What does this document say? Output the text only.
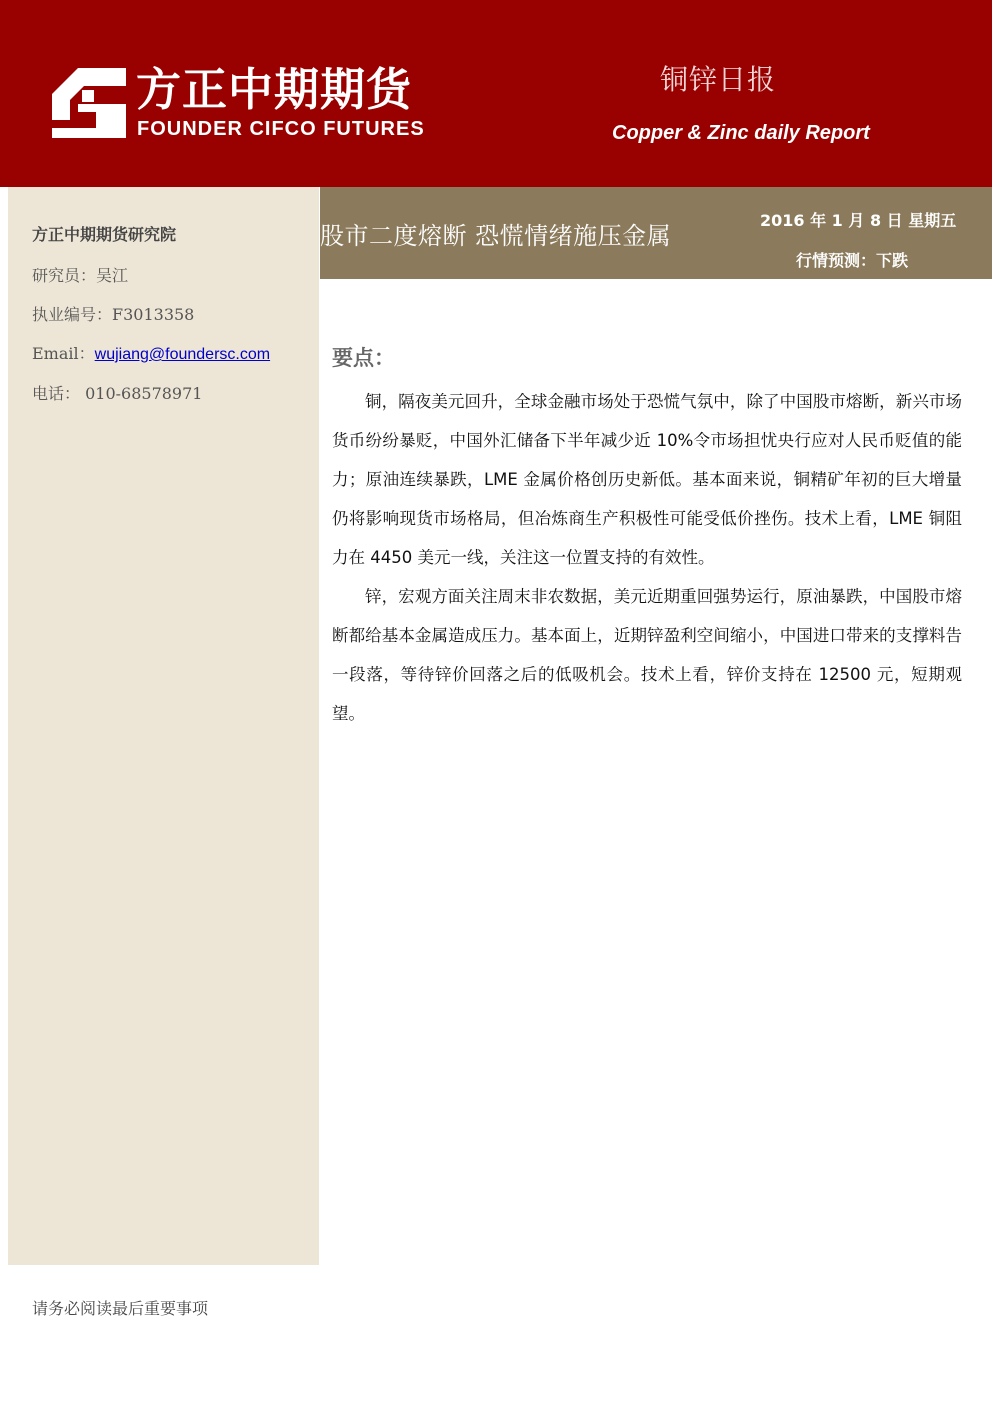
方正中期期货
FOUNDER CIFCO FUTURES
铜锌日报
Copper & Zinc daily Report
方正中期期货研究院
研究员：吴江
执业编号：F3013358
Email：wujiang@foundersc.com
电话： 010-68578971
股市二度熔断 恐慌情绪施压金属
2016 年 1 月 8 日 星期五
行情预测：下跌
要点：

铜，隔夜美元回升，全球金融市场处于恐慌气氛中，除了中国股市熔断，新兴市场货币纷纷暴贬，中国外汇储备下半年减少近 10%令市场担忧央行应对人民币贬值的能力；原油连续暴跌，LME 金属价格创历史新低。基本面来说，铜精矿年初的巨大增量仍将影响现货市场格局，但冶炼商生产积极性可能受低价挫伤。技术上看，LME 铜阻力在 4450 美元一线，关注这一位置支持的有效性。

锌，宏观方面关注周末非农数据，美元近期重回强势运行，原油暴跌，中国股市熔断都给基本金属造成压力。基本面上，近期锌盈利空间缩小，中国进口带来的支撑料告一段落，等待锌价回落之后的低吸机会。技术上看，锌价支持在 12500 元，短期观望。

请务必阅读最后重要事项
